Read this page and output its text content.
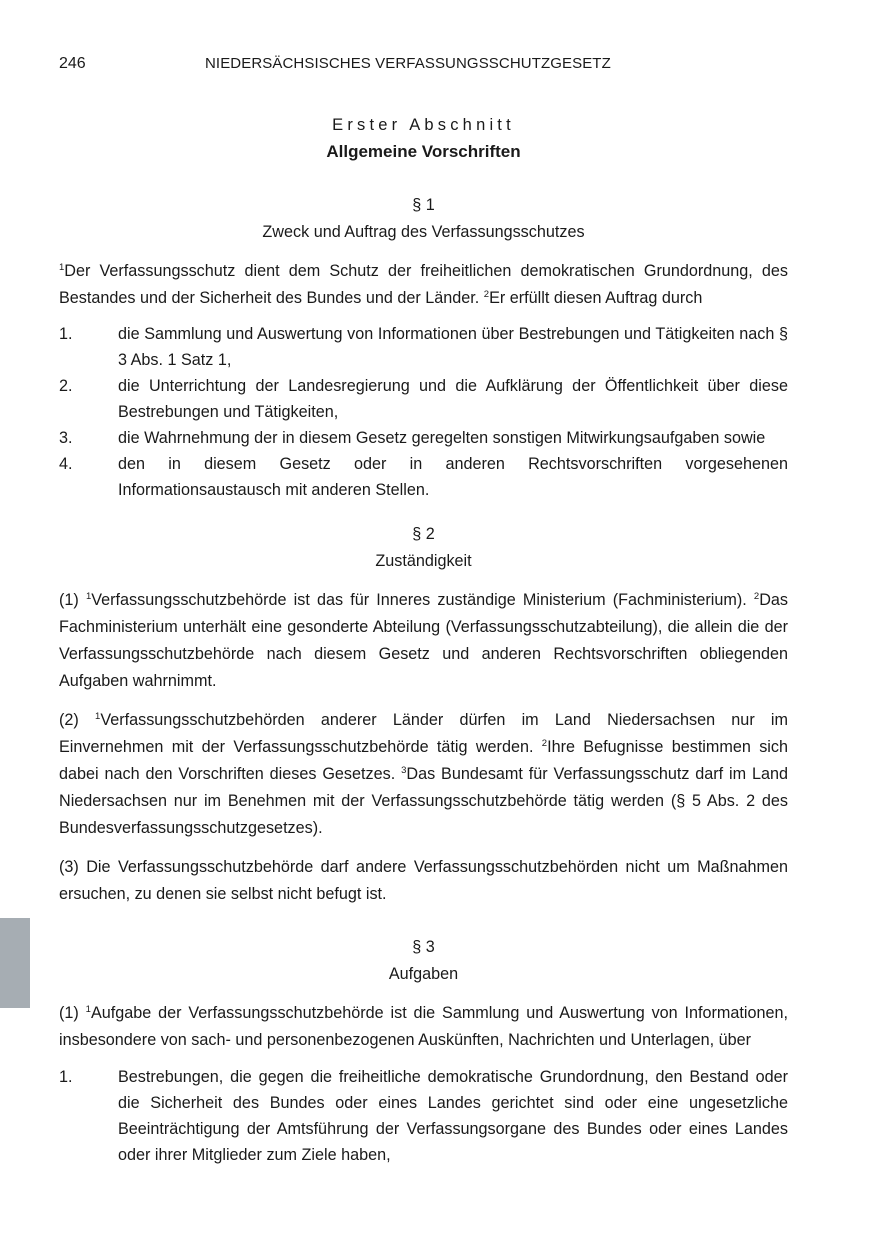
246	NIEDERSÄCHSISCHES VERFASSUNGSSCHUTZGESETZ

Erster Abschnitt

Allgemeine Vorschriften

§ 1

Zweck und Auftrag des Verfassungsschutzes

$^1$Der Verfassungsschutz dient dem Schutz der freiheitlichen demokratischen Grundordnung, des Bestandes und der Sicherheit des Bundes und der Länder. $^2$Er erfüllt diesen Auftrag durch

1.	die Sammlung und Auswertung von Informationen über Bestrebungen und Tätigkeiten nach § 3 Abs. 1 Satz 1,
2.	die Unterrichtung der Landesregierung und die Aufklärung der Öffentlichkeit über diese Bestrebungen und Tätigkeiten,
3.	die Wahrnehmung der in diesem Gesetz geregelten sonstigen Mitwirkungsaufgaben sowie
4.	den in diesem Gesetz oder in anderen Rechtsvorschriften vorgesehenen Informationsaustausch mit anderen Stellen.

§ 2

Zuständigkeit

(1) $^1$Verfassungsschutzbehörde ist das für Inneres zuständige Ministerium (Fachministerium). $^2$Das Fachministerium unterhält eine gesonderte Abteilung (Verfassungsschutzabteilung), die allein die der Verfassungsschutzbehörde nach diesem Gesetz und anderen Rechtsvorschriften obliegenden Aufgaben wahrnimmt.

(2) $^1$Verfassungsschutzbehörden anderer Länder dürfen im Land Niedersachsen nur im Einvernehmen mit der Verfassungsschutzbehörde tätig werden. $^2$Ihre Befugnisse bestimmen sich dabei nach den Vorschriften dieses Gesetzes. $^3$Das Bundesamt für Verfassungsschutz darf im Land Niedersachsen nur im Benehmen mit der Verfassungsschutzbehörde tätig werden (§ 5 Abs. 2 des Bundesverfassungsschutzgesetzes).

(3) Die Verfassungsschutzbehörde darf andere Verfassungsschutzbehörden nicht um Maßnahmen ersuchen, zu denen sie selbst nicht befugt ist.

§ 3

Aufgaben

(1) $^1$Aufgabe der Verfassungsschutzbehörde ist die Sammlung und Auswertung von Informationen, insbesondere von sach- und personenbezogenen Auskünften, Nachrichten und Unterlagen, über

1.	Bestrebungen, die gegen die freiheitliche demokratische Grundordnung, den Bestand oder die Sicherheit des Bundes oder eines Landes gerichtet sind oder eine ungesetzliche Beeinträchtigung der Amtsführung der Verfassungsorgane des Bundes oder eines Landes oder ihrer Mitglieder zum Ziele haben,
